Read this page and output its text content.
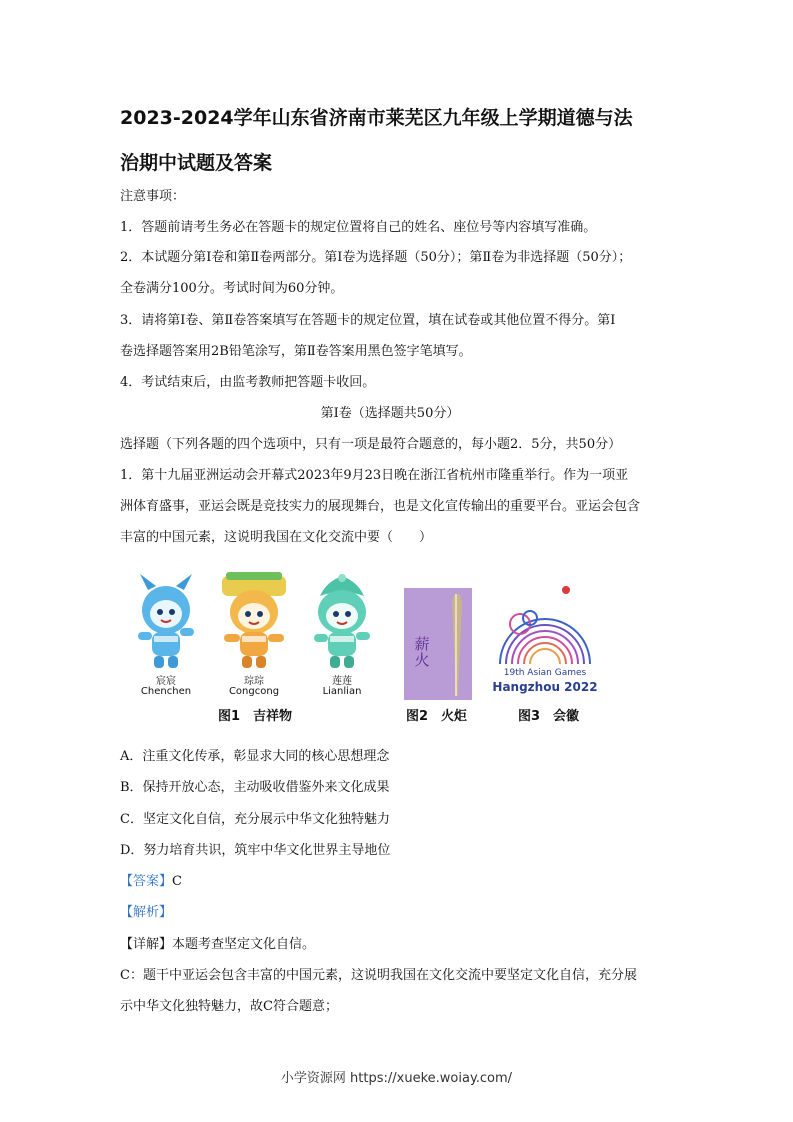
2023-2024学年山东省济南市莱芜区九年级上学期道德与法
治期中试题及答案
注意事项：
1．答题前请考生务必在答题卡的规定位置将自己的姓名、座位号等内容填写准确。
2．本试题分第Ⅰ卷和第Ⅱ卷两部分。第Ⅰ卷为选择题（50分）；第Ⅱ卷为非选择题（50分）；
全卷满分100分。考试时间为60分钟。
3．请将第Ⅰ卷、第Ⅱ卷答案填写在答题卡的规定位置，填在试卷或其他位置不得分。第Ⅰ
卷选择题答案用2B铅笔涂写，第Ⅱ卷答案用黑色签字笔填写。
4．考试结束后，由监考教师把答题卡收回。
第Ⅰ卷（选择题共50分）
选择题（下列各题的四个选项中，只有一项是最符合题意的，每小题2．5分，共50分）
1．第十九届亚洲运动会开幕式2023年9月23日晚在浙江省杭州市隆重举行。作为一项亚
洲体育盛事，亚运会既是竞技实力的展现舞台，也是文化宣传输出的重要平台。亚运会包含
丰富的中国元素，这说明我国在文化交流中要（　　）
宸宸
Chenchen
琮琮
Congcong
莲莲
Lianlian
薪火
19th Asian Games
Hangzhou 2022
图1　吉祥物	图2　火炬	图3　会徽
A．注重文化传承，彰显求大同的核心思想理念
B．保持开放心态，主动吸收借鉴外来文化成果
C．坚定文化自信，充分展示中华文化独特魅力
D．努力培育共识，筑牢中华文化世界主导地位
【答案】C
【解析】
【详解】本题考查坚定文化自信。
C：题干中亚运会包含丰富的中国元素，这说明我国在文化交流中要坚定文化自信，充分展
示中华文化独特魅力，故C符合题意；
小学资源网 https://xueke.woiay.com/
